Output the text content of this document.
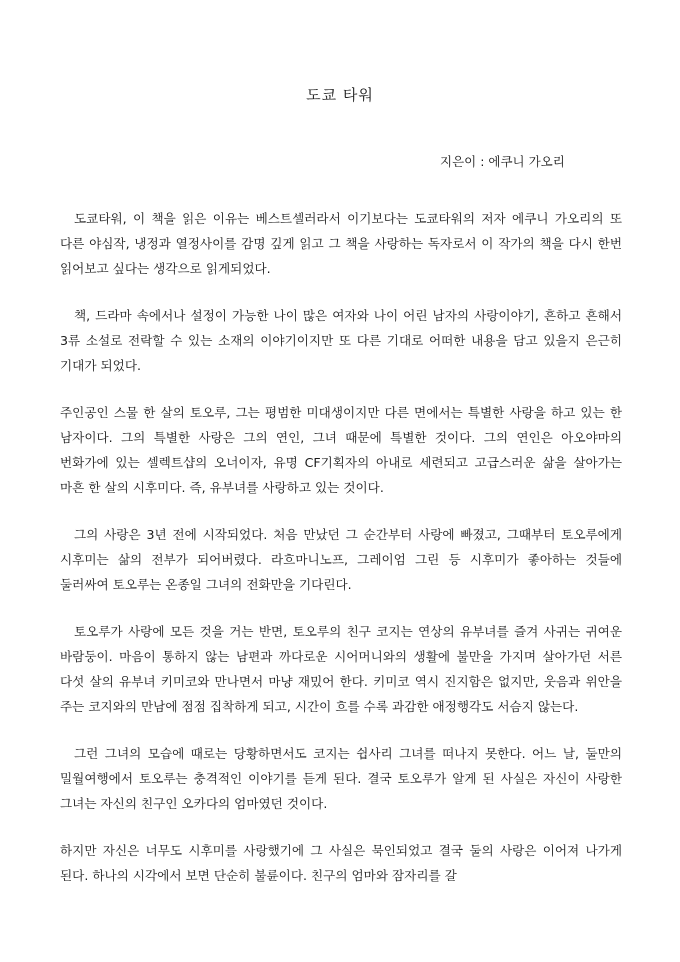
도쿄 타워

지은이 : 에쿠니 가오리

도쿄타워, 이 책을 읽은 이유는 베스트셀러라서 이기보다는 도쿄타워의 저자 에쿠니 가오리의 또 다른 야심작, 냉정과 열정사이를 감명 깊게 읽고 그 책을 사랑하는 독자로서 이 작가의 책을 다시 한번 읽어보고 싶다는 생각으로 읽게되었다.

책, 드라마 속에서나 설정이 가능한 나이 많은 여자와 나이 어린 남자의 사랑이야기, 흔하고 흔해서 3류 소설로 전락할 수 있는 소재의 이야기이지만 또 다른 기대로 어떠한 내용을 담고 있을지 은근히 기대가 되었다.

주인공인 스물 한 살의 토오루, 그는 평범한 미대생이지만 다른 면에서는 특별한 사랑을 하고 있는 한 남자이다. 그의 특별한 사랑은 그의 연인, 그녀 때문에 특별한 것이다. 그의 연인은 아오야마의 번화가에 있는 셀렉트샵의 오너이자, 유명 CF기획자의 아내로 세련되고 고급스러운 삶을 살아가는 마흔 한 살의 시후미다. 즉, 유부녀를 사랑하고 있는 것이다.

그의 사랑은 3년 전에 시작되었다. 처음 만났던 그 순간부터 사랑에 빠졌고, 그때부터 토오루에게 시후미는 삶의 전부가 되어버렸다. 라흐마니노프, 그레이엄 그린 등 시후미가 좋아하는 것들에 둘러싸여 토오루는 온종일 그녀의 전화만을 기다린다.

토오루가 사랑에 모든 것을 거는 반면, 토오루의 친구 코지는 연상의 유부녀를 즐겨 사귀는 귀여운 바람둥이. 마음이 통하지 않는 남편과 까다로운 시어머니와의 생활에 불만을 가지며 살아가던 서른 다섯 살의 유부녀 키미코와 만나면서 마냥 재밌어 한다. 키미코 역시 진지함은 없지만, 웃음과 위안을 주는 코지와의 만남에 점점 집착하게 되고, 시간이 흐를 수록 과감한 애정행각도 서슴지 않는다.

그런 그녀의 모습에 때로는 당황하면서도 코지는 쉽사리 그녀를 떠나지 못한다. 어느 날, 둘만의 밀월여행에서 토오루는 충격적인 이야기를 듣게 된다. 결국 토오루가 알게 된 사실은 자신이 사랑한 그녀는 자신의 친구인 오카다의 엄마였던 것이다.

하지만 자신은 너무도 시후미를 사랑했기에 그 사실은 묵인되었고 결국 둘의 사랑은 이어져 나가게 된다. 하나의 시각에서 보면 단순히 불륜이다. 친구의 엄마와 잠자리를 갈
